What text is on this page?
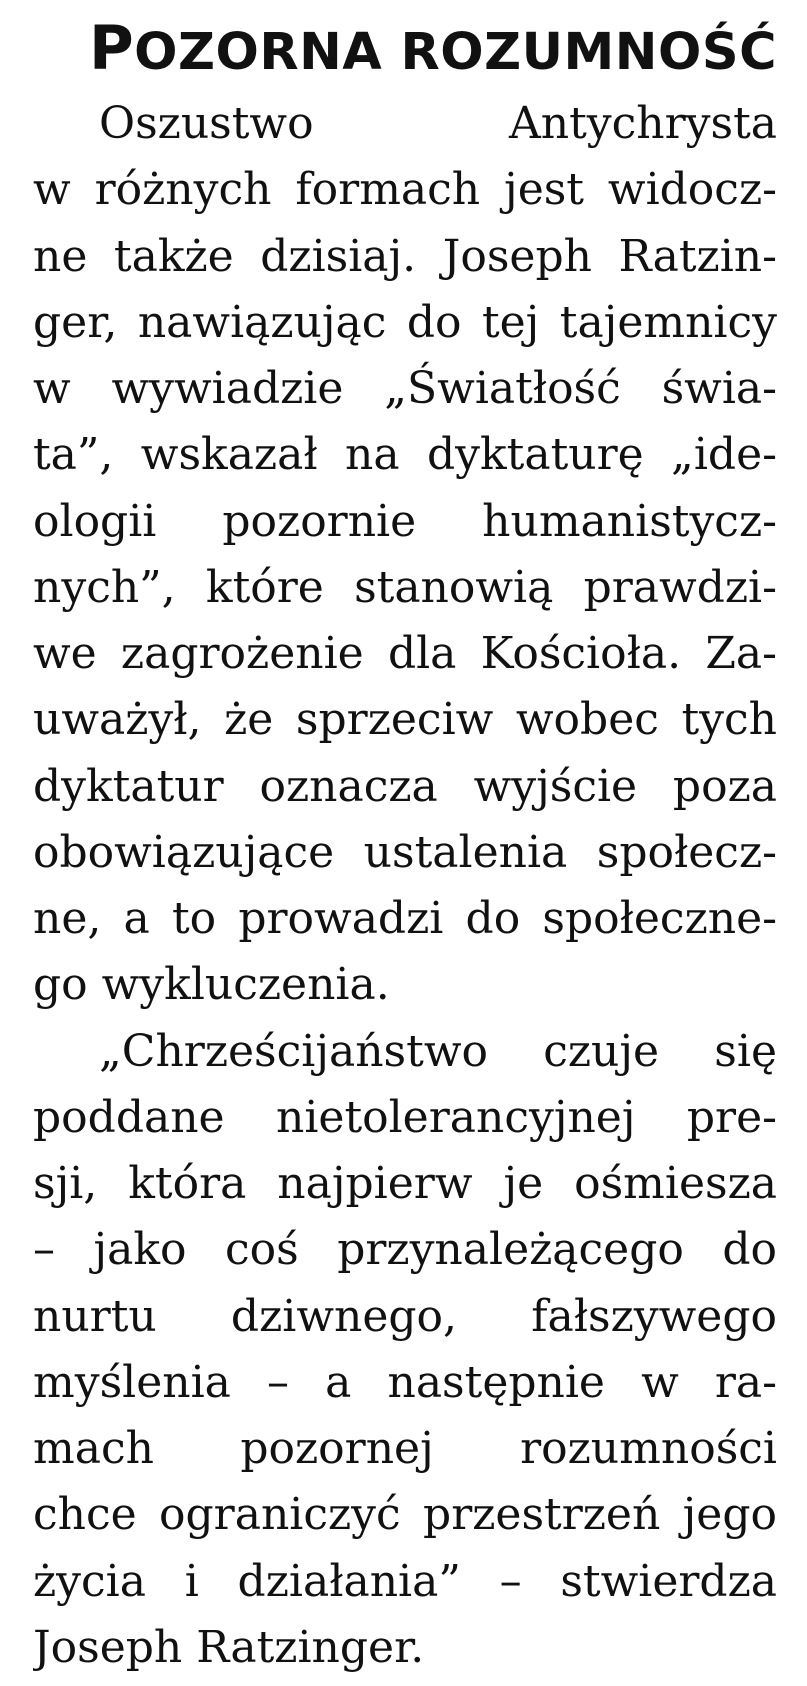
POZORNA ROZUMNOŚĆ

Oszustwo Antychrysta

w różnych formach jest widocz-

ne także dzisiaj. Joseph Ratzin-

ger, nawiązując do tej tajemnicy

w wywiadzie „Światłość świa-

ta”, wskazał na dyktaturę „ide-

ologii pozornie humanistycz-

nych”, które stanowią prawdzi-

we zagrożenie dla Kościoła. Za-

uważył, że sprzeciw wobec tych

dyktatur oznacza wyjście poza

obowiązujące ustalenia społecz-

ne, a to prowadzi do społeczne-

go wykluczenia.

„Chrześcijaństwo czuje się

poddane nietolerancyjnej pre-

sji, która najpierw je ośmiesza

– jako coś przynależącego do

nurtu dziwnego, fałszywego

myślenia – a następnie w ra-

mach pozornej rozumności

chce ograniczyć przestrzeń jego

życia i działania” – stwierdza

Joseph Ratzinger.
